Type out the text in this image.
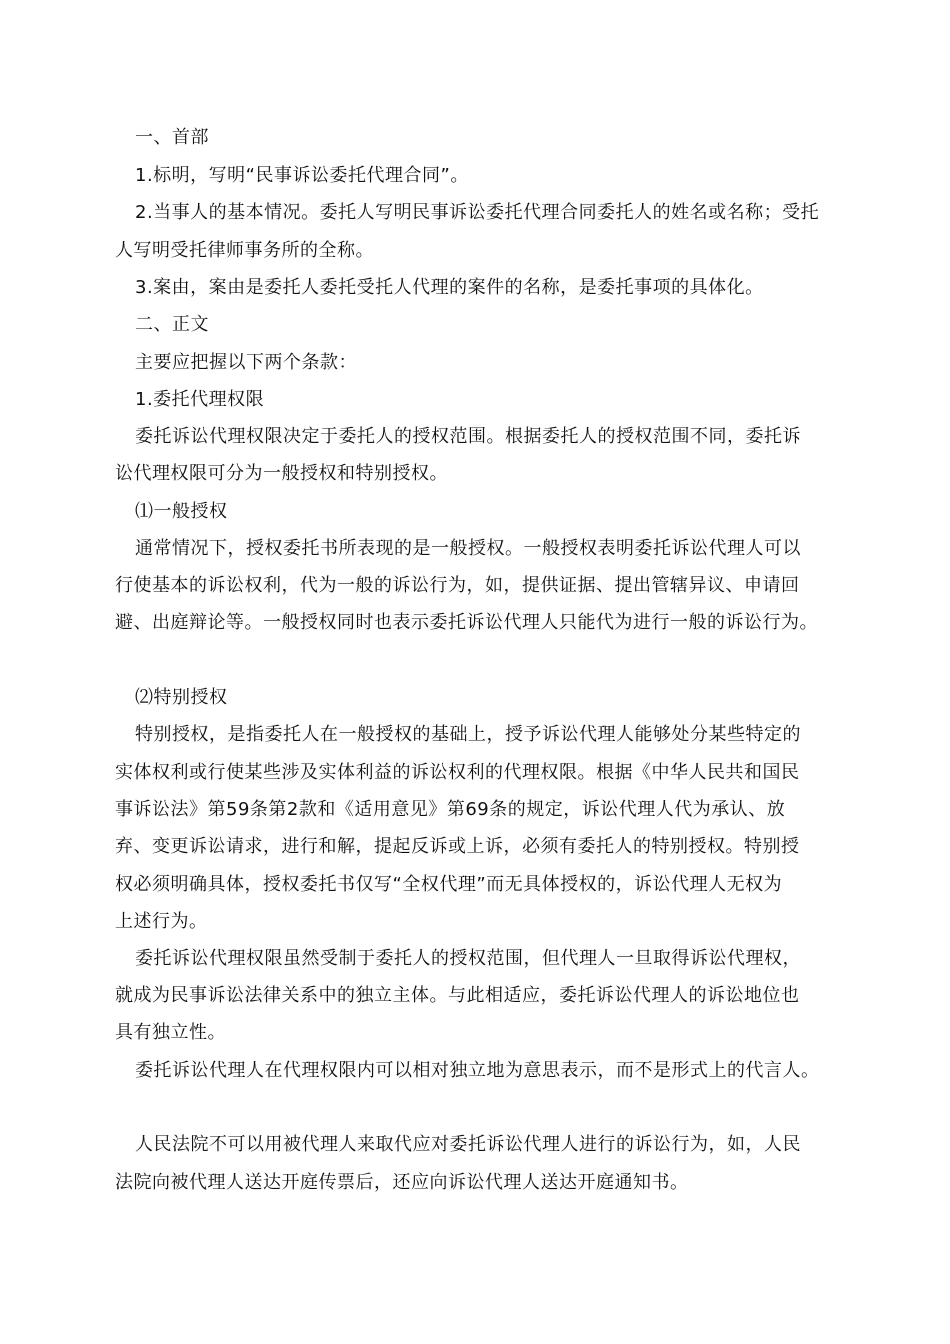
一、首部

1.标明，写明“民事诉讼委托代理合同”。

2.当事人的基本情况。委托人写明民事诉讼委托代理合同委托人的姓名或名称；受托

人写明受托律师事务所的全称。

3.案由，案由是委托人委托受托人代理的案件的名称，是委托事项的具体化。

二、正文

主要应把握以下两个条款：

1.委托代理权限

委托诉讼代理权限决定于委托人的授权范围。根据委托人的授权范围不同，委托诉

讼代理权限可分为一般授权和特别授权。

⑴一般授权

通常情况下，授权委托书所表现的是一般授权。一般授权表明委托诉讼代理人可以

行使基本的诉讼权利，代为一般的诉讼行为，如，提供证据、提出管辖异议、申请回

避、出庭辩论等。一般授权同时也表示委托诉讼代理人只能代为进行一般的诉讼行为。

⑵特别授权

特别授权，是指委托人在一般授权的基础上，授予诉讼代理人能够处分某些特定的

实体权利或行使某些涉及实体利益的诉讼权利的代理权限。根据《中华人民共和国民

事诉讼法》第59条第2款和《适用意见》第69条的规定，诉讼代理人代为承认、放

弃、变更诉讼请求，进行和解，提起反诉或上诉，必须有委托人的特别授权。特别授

权必须明确具体，授权委托书仅写“全权代理”而无具体授权的，诉讼代理人无权为

上述行为。

委托诉讼代理权限虽然受制于委托人的授权范围，但代理人一旦取得诉讼代理权，

就成为民事诉讼法律关系中的独立主体。与此相适应，委托诉讼代理人的诉讼地位也

具有独立性。

委托诉讼代理人在代理权限内可以相对独立地为意思表示，而不是形式上的代言人。

人民法院不可以用被代理人来取代应对委托诉讼代理人进行的诉讼行为，如，人民

法院向被代理人送达开庭传票后，还应向诉讼代理人送达开庭通知书。
